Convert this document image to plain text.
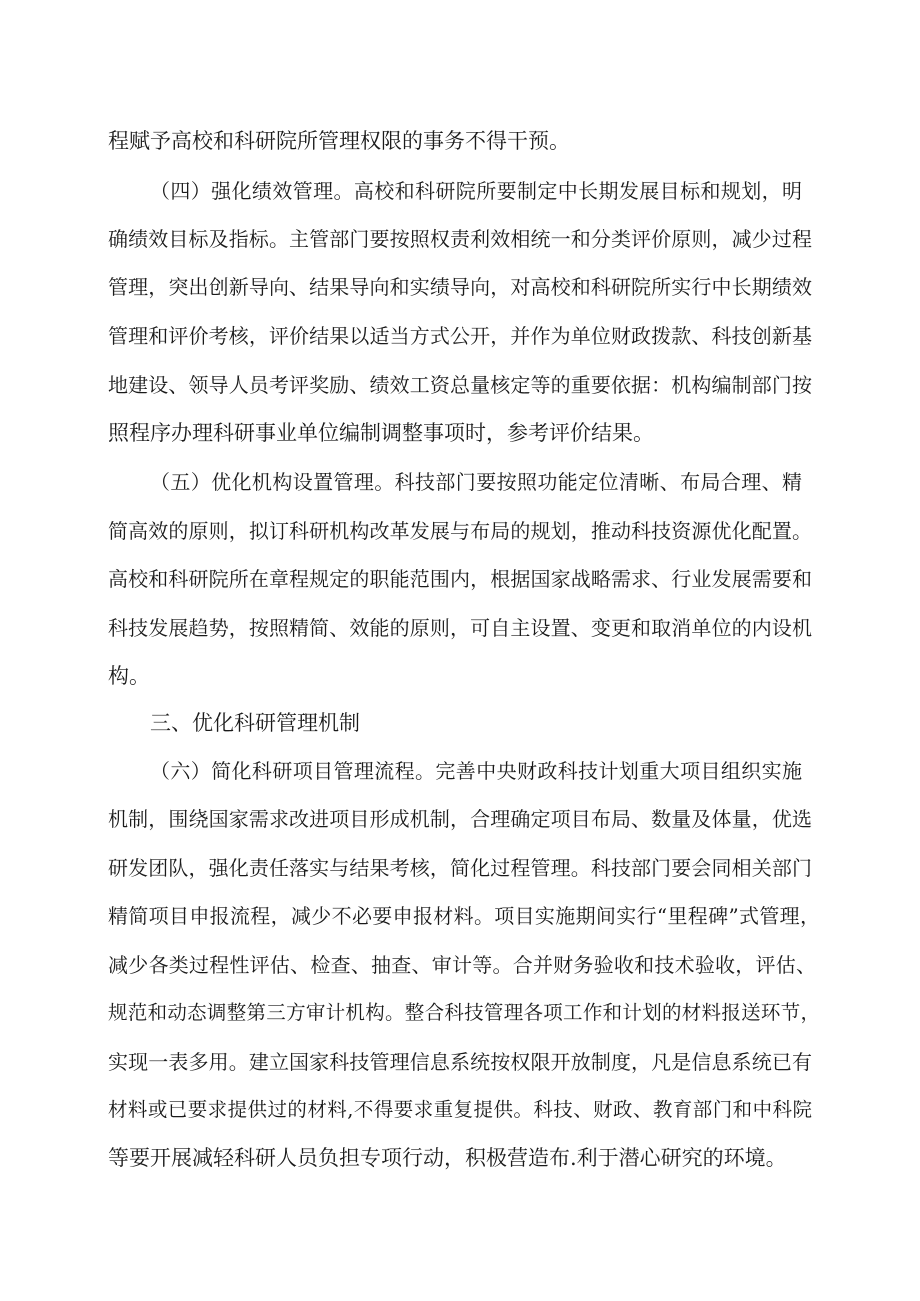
程赋予高校和科研院所管理权限的事务不得干预。
（四）强化绩效管理。高校和科研院所要制定中长期发展目标和规划，明
确绩效目标及指标。主管部门要按照权责利效相统一和分类评价原则，减少过程
管理，突出创新导向、结果导向和实绩导向，对高校和科研院所实行中长期绩效
管理和评价考核，评价结果以适当方式公开，并作为单位财政拨款、科技创新基
地建设、领导人员考评奖励、绩效工资总量核定等的重要依据：机构编制部门按
照程序办理科研事业单位编制调整事项时，参考评价结果。
（五）优化机构设置管理。科技部门要按照功能定位清晰、布局合理、精
简高效的原则，拟订科研机构改革发展与布局的规划，推动科技资源优化配置。
高校和科研院所在章程规定的职能范围内，根据国家战略需求、行业发展需要和
科技发展趋势，按照精简、效能的原则，可自主设置、变更和取消单位的内设机
构。
三、优化科研管理机制
（六）简化科研项目管理流程。完善中央财政科技计划重大项目组织实施
机制，围绕国家需求改进项目形成机制，合理确定项目布局、数量及体量，优选
研发团队，强化责任落实与结果考核，简化过程管理。科技部门要会同相关部门
精简项目申报流程，减少不必要申报材料。项目实施期间实行“里程碑”式管理，
减少各类过程性评估、检查、抽查、审计等。合并财务验收和技术验收，评估、
规范和动态调整第三方审计机构。整合科技管理各项工作和计划的材料报送环节，
实现一表多用。建立国家科技管理信息系统按权限开放制度，凡是信息系统已有
材料或已要求提供过的材料,不得要求重复提供。科技、财政、教育部门和中科院
等要开展减轻科研人员负担专项行动，积极营造布.利于潜心研究的环境。
